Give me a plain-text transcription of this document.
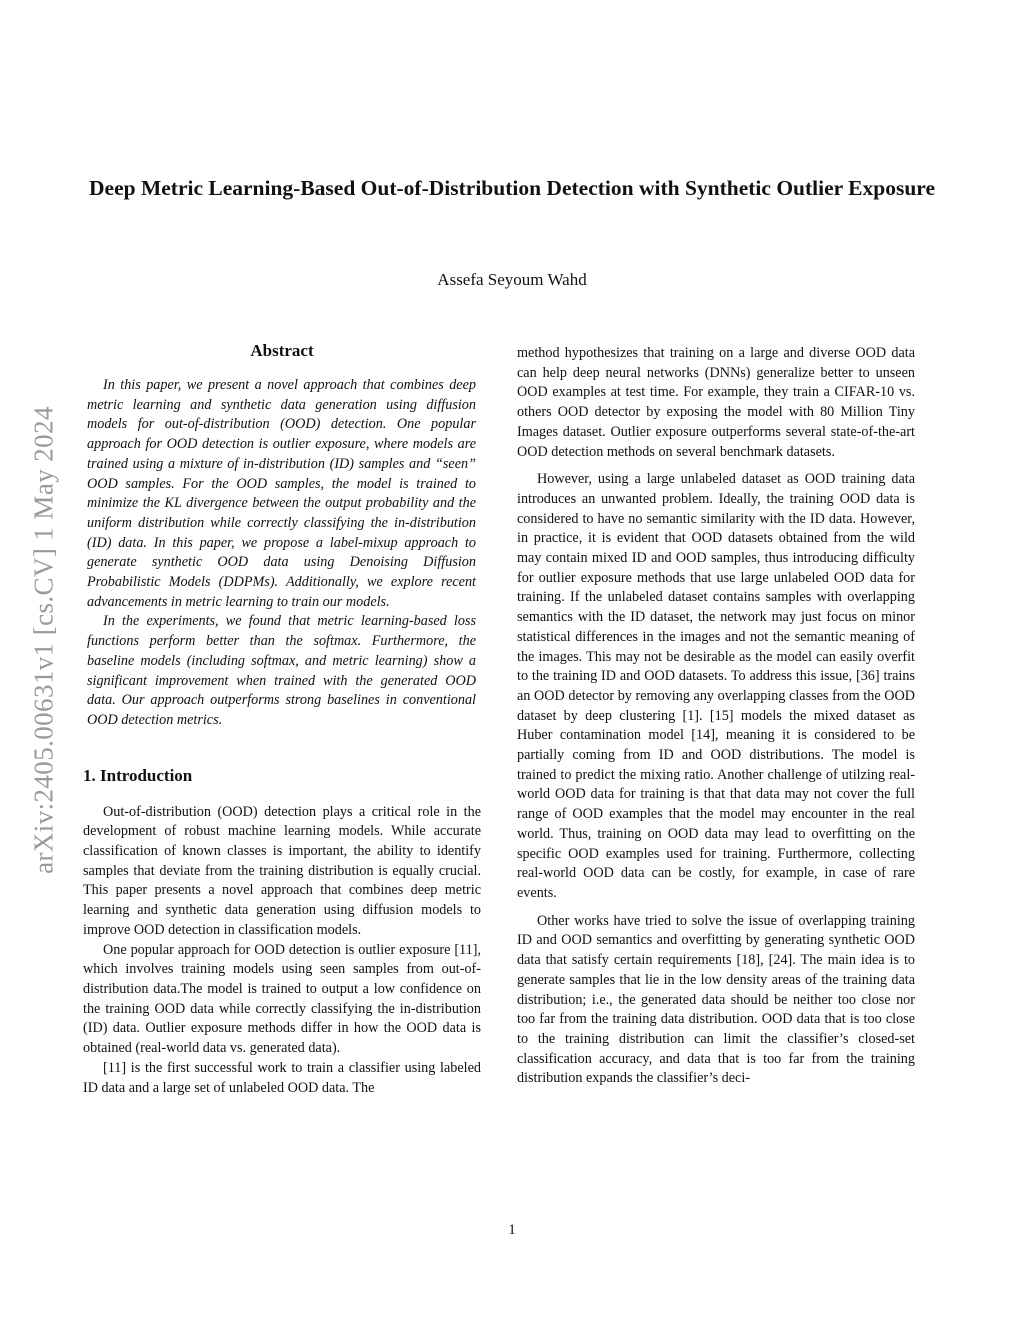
arXiv:2405.00631v1 [cs.CV] 1 May 2024
Deep Metric Learning-Based Out-of-Distribution Detection with Synthetic Outlier Exposure

Assefa Seyoum Wahd

Abstract

In this paper, we present a novel approach that combines deep metric learning and synthetic data generation using diffusion models for out-of-distribution (OOD) detection. One popular approach for OOD detection is outlier exposure, where models are trained using a mixture of in-distribution (ID) samples and “seen” OOD samples. For the OOD samples, the model is trained to minimize the KL divergence between the output probability and the uniform distribution while correctly classifying the in-distribution (ID) data. In this paper, we propose a label-mixup approach to generate synthetic OOD data using Denoising Diffusion Probabilistic Models (DDPMs). Additionally, we explore recent advancements in metric learning to train our models.

In the experiments, we found that metric learning-based loss functions perform better than the softmax. Furthermore, the baseline models (including softmax, and metric learning) show a significant improvement when trained with the generated OOD data. Our approach outperforms strong baselines in conventional OOD detection metrics.

1. Introduction

Out-of-distribution (OOD) detection plays a critical role in the development of robust machine learning models. While accurate classification of known classes is important, the ability to identify samples that deviate from the training distribution is equally crucial. This paper presents a novel approach that combines deep metric learning and synthetic data generation using diffusion models to improve OOD detection in classification models.

One popular approach for OOD detection is outlier exposure [11], which involves training models using seen samples from out-of-distribution data.The model is trained to output a low confidence on the training OOD data while correctly classifying the in-distribution (ID) data. Outlier exposure methods differ in how the OOD data is obtained (real-world data vs. generated data).

[11] is the first successful work to train a classifier using labeled ID data and a large set of unlabeled OOD data. The

method hypothesizes that training on a large and diverse OOD data can help deep neural networks (DNNs) generalize better to unseen OOD examples at test time. For example, they train a CIFAR-10 vs. others OOD detector by exposing the model with 80 Million Tiny Images dataset. Outlier exposure outperforms several state-of-the-art OOD detection methods on several benchmark datasets.

However, using a large unlabeled dataset as OOD training data introduces an unwanted problem. Ideally, the training OOD data is considered to have no semantic similarity with the ID data. However, in practice, it is evident that OOD datasets obtained from the wild may contain mixed ID and OOD samples, thus introducing difficulty for outlier exposure methods that use large unlabeled OOD data for training. If the unlabeled dataset contains samples with overlapping semantics with the ID dataset, the network may just focus on minor statistical differences in the images and not the semantic meaning of the images. This may not be desirable as the model can easily overfit to the training ID and OOD datasets. To address this issue, [36] trains an OOD detector by removing any overlapping classes from the OOD dataset by deep clustering [1]. [15] models the mixed dataset as Huber contamination model [14], meaning it is considered to be partially coming from ID and OOD distributions. The model is trained to predict the mixing ratio. Another challenge of utilzing real-world OOD data for training is that that data may not cover the full range of OOD examples that the model may encounter in the real world. Thus, training on OOD data may lead to overfitting on the specific OOD examples used for training. Furthermore, collecting real-world OOD data can be costly, for example, in case of rare events.

Other works have tried to solve the issue of overlapping training ID and OOD semantics and overfitting by generating synthetic OOD data that satisfy certain requirements [18], [24]. The main idea is to generate samples that lie in the low density areas of the training data distribution; i.e., the generated data should be neither too close nor too far from the training data distribution. OOD data that is too close to the training distribution can limit the classifier’s closed-set classification accuracy, and data that is too far from the training distribution expands the classifier’s deci-

1
